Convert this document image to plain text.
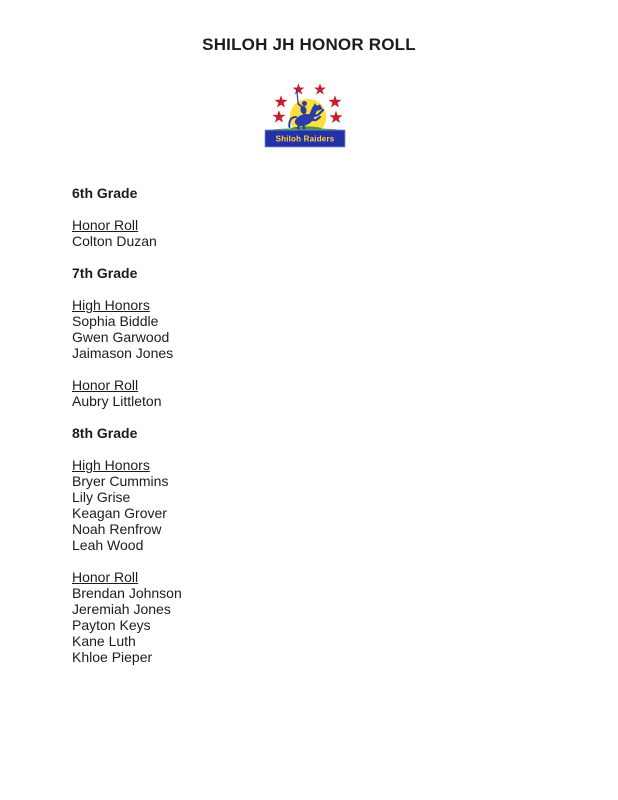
SHILOH JH HONOR ROLL
Shiloh Raiders
6th Grade
Honor Roll
Colton Duzan
7th Grade
High Honors
Sophia Biddle
Gwen Garwood
Jaimason Jones
Honor Roll
Aubry Littleton
8th Grade
High Honors
Bryer Cummins
Lily Grise
Keagan Grover
Noah Renfrow
Leah Wood
Honor Roll
Brendan Johnson
Jeremiah Jones
Payton Keys
Kane Luth
Khloe Pieper
